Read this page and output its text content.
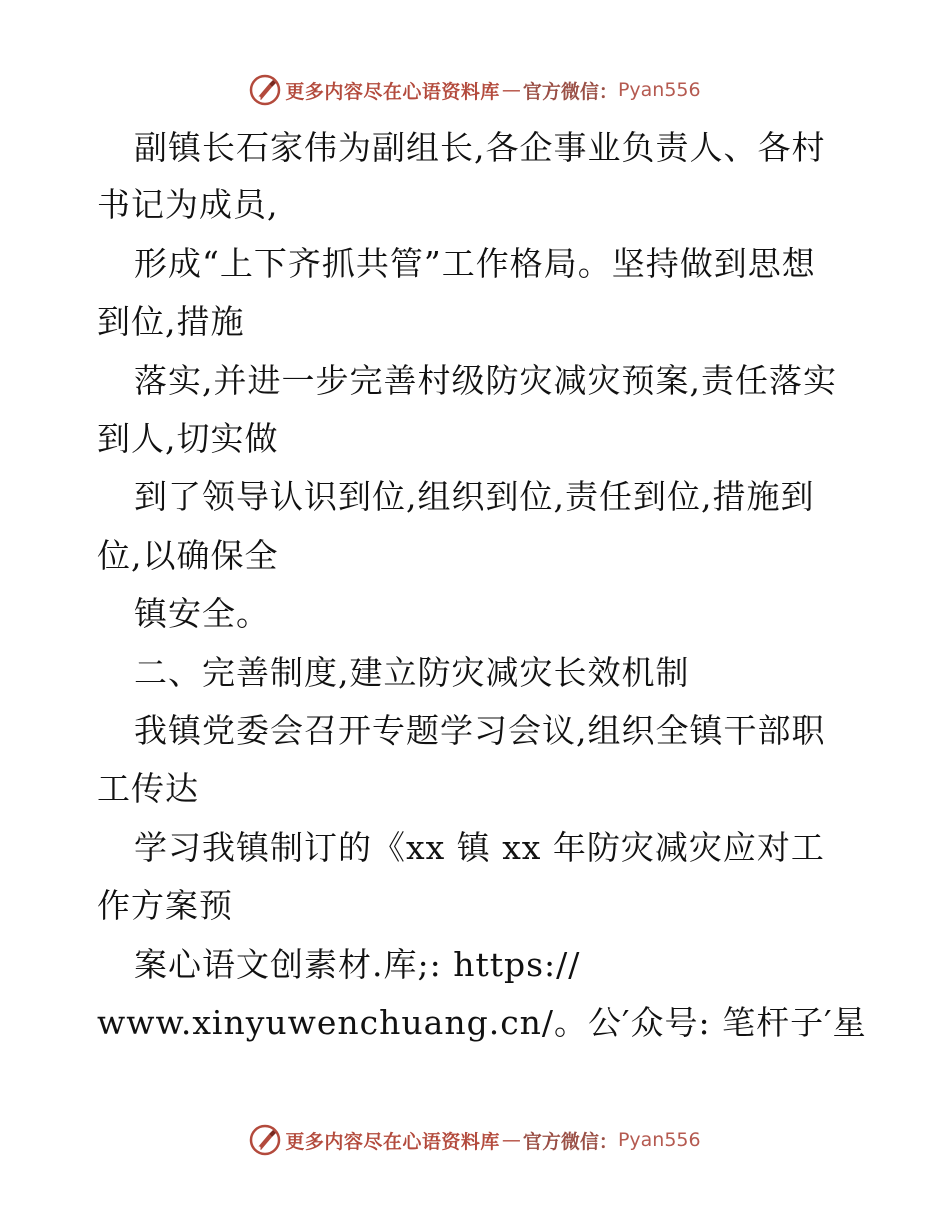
更多内容尽在心语资料库 — 官方微信： Pyan556
副镇长石家伟为副组长,各企事业负责人、各村
书记为成员,
形成“上下齐抓共管”工作格局。坚持做到思想
到位,措施
落实,并进一步完善村级防灾减灾预案,责任落实
到人,切实做
到了领导认识到位,组织到位,责任到位,措施到
位,以确保全
镇安全。
二、完善制度,建立防灾减灾长效机制
我镇党委会召开专题学习会议,组织全镇干部职
工传达
学习我镇制订的《xx 镇 xx 年防灾减灾应对工
作方案预
案心语文创素材.库;: https://
www.xinyuwenchuang.cn/。公′众号: 笔杆子′星
更多内容尽在心语资料库 — 官方微信： Pyan556
